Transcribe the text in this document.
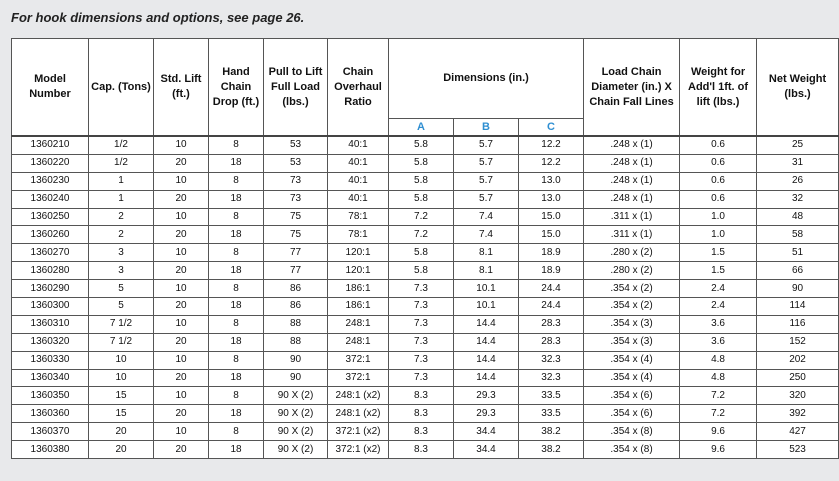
For hook dimensions and options, see page 26.
Model Number	Cap. (Tons)	Std. Lift (ft.)	Hand Chain Drop (ft.)	Pull to Lift Full Load (lbs.)	Chain Overhaul Ratio	Dimensions (in.)			Load Chain Diameter (in.) X Chain Fall Lines	Weight for Add'l 1ft. of lift (lbs.)	Net Weight (lbs.)
						A	B	C			
1360210	1/2	10	8	53	40:1	5.8	5.7	12.2	.248 x (1)	0.6	25
1360220	1/2	20	18	53	40:1	5.8	5.7	12.2	.248 x (1)	0.6	31
1360230	1	10	8	73	40:1	5.8	5.7	13.0	.248 x (1)	0.6	26
1360240	1	20	18	73	40:1	5.8	5.7	13.0	.248 x (1)	0.6	32
1360250	2	10	8	75	78:1	7.2	7.4	15.0	.311 x (1)	1.0	48
1360260	2	20	18	75	78:1	7.2	7.4	15.0	.311 x (1)	1.0	58
1360270	3	10	8	77	120:1	5.8	8.1	18.9	.280 x (2)	1.5	51
1360280	3	20	18	77	120:1	5.8	8.1	18.9	.280 x (2)	1.5	66
1360290	5	10	8	86	186:1	7.3	10.1	24.4	.354 x (2)	2.4	90
1360300	5	20	18	86	186:1	7.3	10.1	24.4	.354 x (2)	2.4	114
1360310	7 1/2	10	8	88	248:1	7.3	14.4	28.3	.354 x (3)	3.6	116
1360320	7 1/2	20	18	88	248:1	7.3	14.4	28.3	.354 x (3)	3.6	152
1360330	10	10	8	90	372:1	7.3	14.4	32.3	.354 x (4)	4.8	202
1360340	10	20	18	90	372:1	7.3	14.4	32.3	.354 x (4)	4.8	250
1360350	15	10	8	90 X (2)	248:1 (x2)	8.3	29.3	33.5	.354 x (6)	7.2	320
1360360	15	20	18	90 X (2)	248:1 (x2)	8.3	29.3	33.5	.354 x (6)	7.2	392
1360370	20	10	8	90 X (2)	372:1 (x2)	8.3	34.4	38.2	.354 x (8)	9.6	427
1360380	20	20	18	90 X (2)	372:1 (x2)	8.3	34.4	38.2	.354 x (8)	9.6	523
